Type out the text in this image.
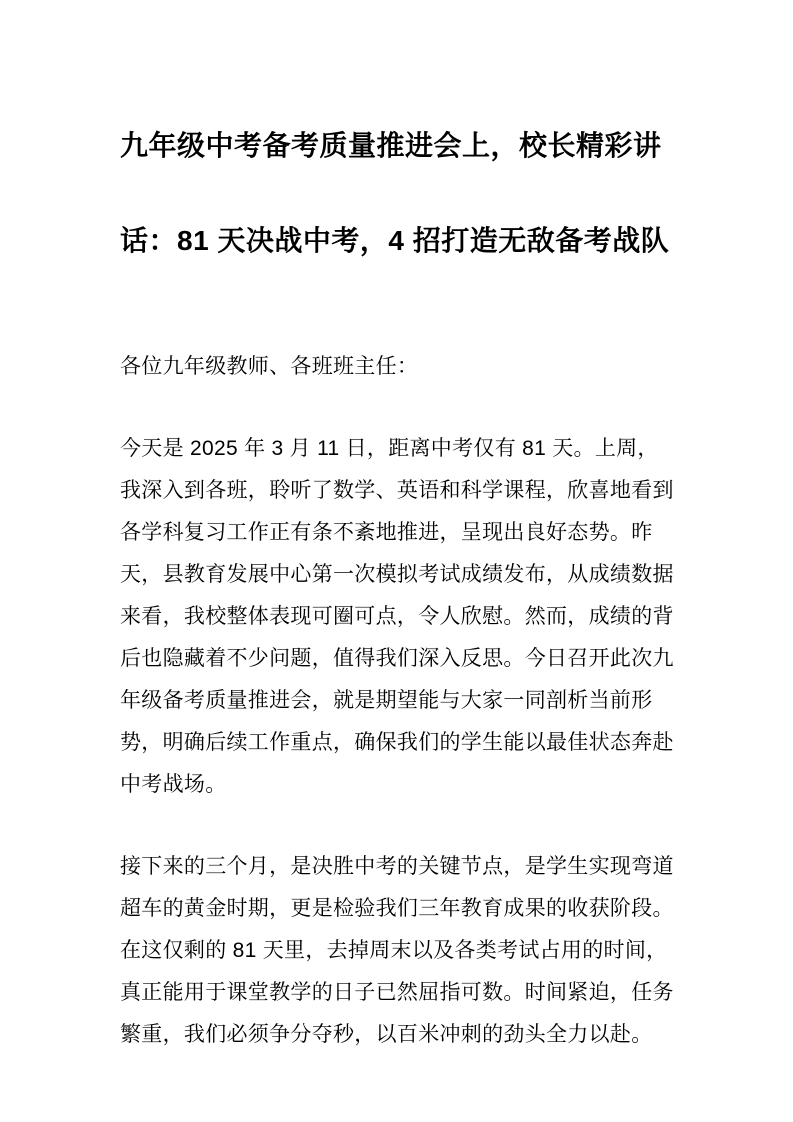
九年级中考备考质量推进会上，校长精彩讲话：81 天决战中考，4 招打造无敌备考战队

各位九年级教师、各班班主任：

今天是 2025 年 3 月 11 日，距离中考仅有 81 天。上周，我深入到各班，聆听了数学、英语和科学课程，欣喜地看到各学科复习工作正有条不紊地推进，呈现出良好态势。昨天，县教育发展中心第一次模拟考试成绩发布，从成绩数据来看，我校整体表现可圈可点，令人欣慰。然而，成绩的背后也隐藏着不少问题，值得我们深入反思。今日召开此次九年级备考质量推进会，就是期望能与大家一同剖析当前形势，明确后续工作重点，确保我们的学生能以最佳状态奔赴中考战场。

接下来的三个月，是决胜中考的关键节点，是学生实现弯道超车的黄金时期，更是检验我们三年教育成果的收获阶段。在这仅剩的 81 天里，去掉周末以及各类考试占用的时间，真正能用于课堂教学的日子已然屈指可数。时间紧迫，任务繁重，我们必须争分夺秒，以百米冲刺的劲头全力以赴。
